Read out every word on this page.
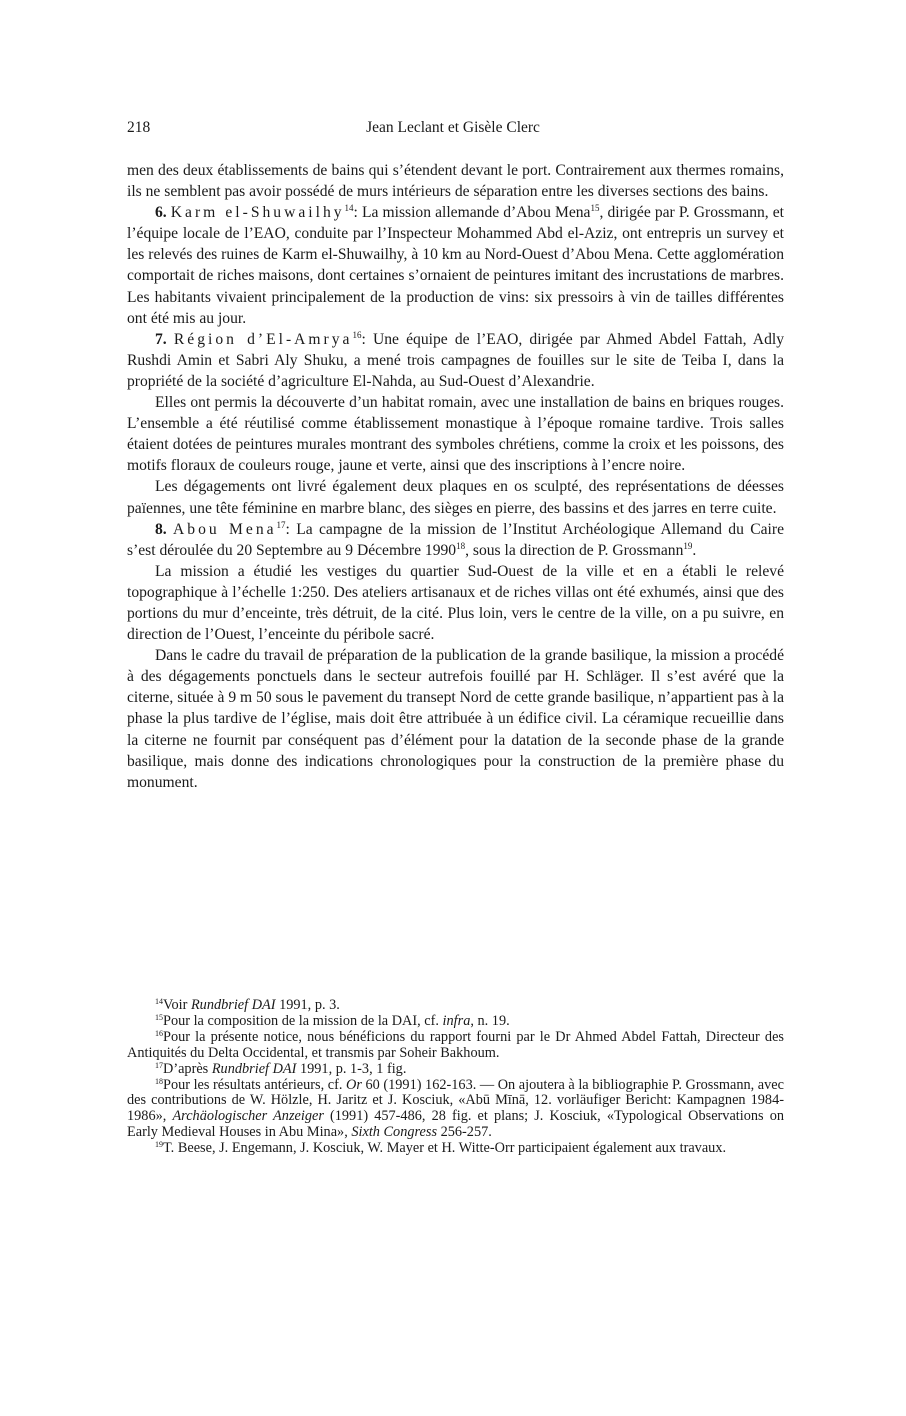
218	Jean Leclant et Gisèle Clerc

men des deux établissements de bains qui s’étendent devant le port. Contrairement aux thermes romains, ils ne semblent pas avoir possédé de murs intérieurs de séparation entre les diverses sections des bains.

6. Karm el-Shuwailhy$^{14}$: La mission allemande d’Abou Mena$^{15}$, dirigée par P. Grossmann, et l’équipe locale de l’EAO, conduite par l’Inspecteur Mohammed Abd el-Aziz, ont entrepris un survey et les relevés des ruines de Karm el-Shuwailhy, à 10 km au Nord-Ouest d’Abou Mena. Cette agglomération comportait de riches maisons, dont certaines s’ornaient de peintures imitant des incrustations de marbres. Les habitants vivaient principalement de la production de vins: six pressoirs à vin de tailles différentes ont été mis au jour.

7. Région d’El-Amrya$^{16}$: Une équipe de l’EAO, dirigée par Ahmed Abdel Fattah, Adly Rushdi Amin et Sabri Aly Shuku, a mené trois campagnes de fouilles sur le site de Teiba I, dans la propriété de la société d’agriculture El-Nahda, au Sud-Ouest d’Alexandrie.

Elles ont permis la découverte d’un habitat romain, avec une installation de bains en briques rouges. L’ensemble a été réutilisé comme établissement monastique à l’époque romaine tardive. Trois salles étaient dotées de peintures murales montrant des symboles chrétiens, comme la croix et les poissons, des motifs floraux de couleurs rouge, jaune et verte, ainsi que des inscriptions à l’encre noire.

Les dégagements ont livré également deux plaques en os sculpté, des représentations de déesses païennes, une tête féminine en marbre blanc, des sièges en pierre, des bassins et des jarres en terre cuite.

8. Abou Mena$^{17}$: La campagne de la mission de l’Institut Archéologique Allemand du Caire s’est déroulée du 20 Septembre au 9 Décembre 1990$^{18}$, sous la direction de P. Grossmann$^{19}$.

La mission a étudié les vestiges du quartier Sud-Ouest de la ville et en a établi le relevé topographique à l’échelle 1:250. Des ateliers artisanaux et de riches villas ont été exhumés, ainsi que des portions du mur d’enceinte, très détruit, de la cité. Plus loin, vers le centre de la ville, on a pu suivre, en direction de l’Ouest, l’enceinte du péribole sacré.

Dans le cadre du travail de préparation de la publication de la grande basilique, la mission a procédé à des dégagements ponctuels dans le secteur autrefois fouillé par H. Schläger. Il s’est avéré que la citerne, située à 9 m 50 sous le pavement du transept Nord de cette grande basilique, n’appartient pas à la phase la plus tardive de l’église, mais doit être attribuée à un édifice civil. La céramique recueillie dans la citerne ne fournit par conséquent pas d’élément pour la datation de la seconde phase de la grande basilique, mais donne des indications chronologiques pour la construction de la première phase du monument.

$^{14}$Voir Rundbrief DAI 1991, p. 3.

$^{15}$Pour la composition de la mission de la DAI, cf. infra, n. 19.

$^{16}$Pour la présente notice, nous bénéficions du rapport fourni par le Dr Ahmed Abdel Fattah, Directeur des Antiquités du Delta Occidental, et transmis par Soheir Bakhoum.

$^{17}$D’après Rundbrief DAI 1991, p. 1-3, 1 fig.

$^{18}$Pour les résultats antérieurs, cf. Or 60 (1991) 162-163. — On ajoutera à la bibliographie P. Grossmann, avec des contributions de W. Hölzle, H. Jaritz et J. Kosciuk, «Abū Mīnā, 12. vorläufiger Bericht: Kampagnen 1984-1986», Archäologischer Anzeiger (1991) 457-486, 28 fig. et plans; J. Kosciuk, «Typological Observations on Early Medieval Houses in Abu Mina», Sixth Congress 256-257.

$^{19}$T. Beese, J. Engemann, J. Kosciuk, W. Mayer et H. Witte-Orr participaient également aux travaux.
